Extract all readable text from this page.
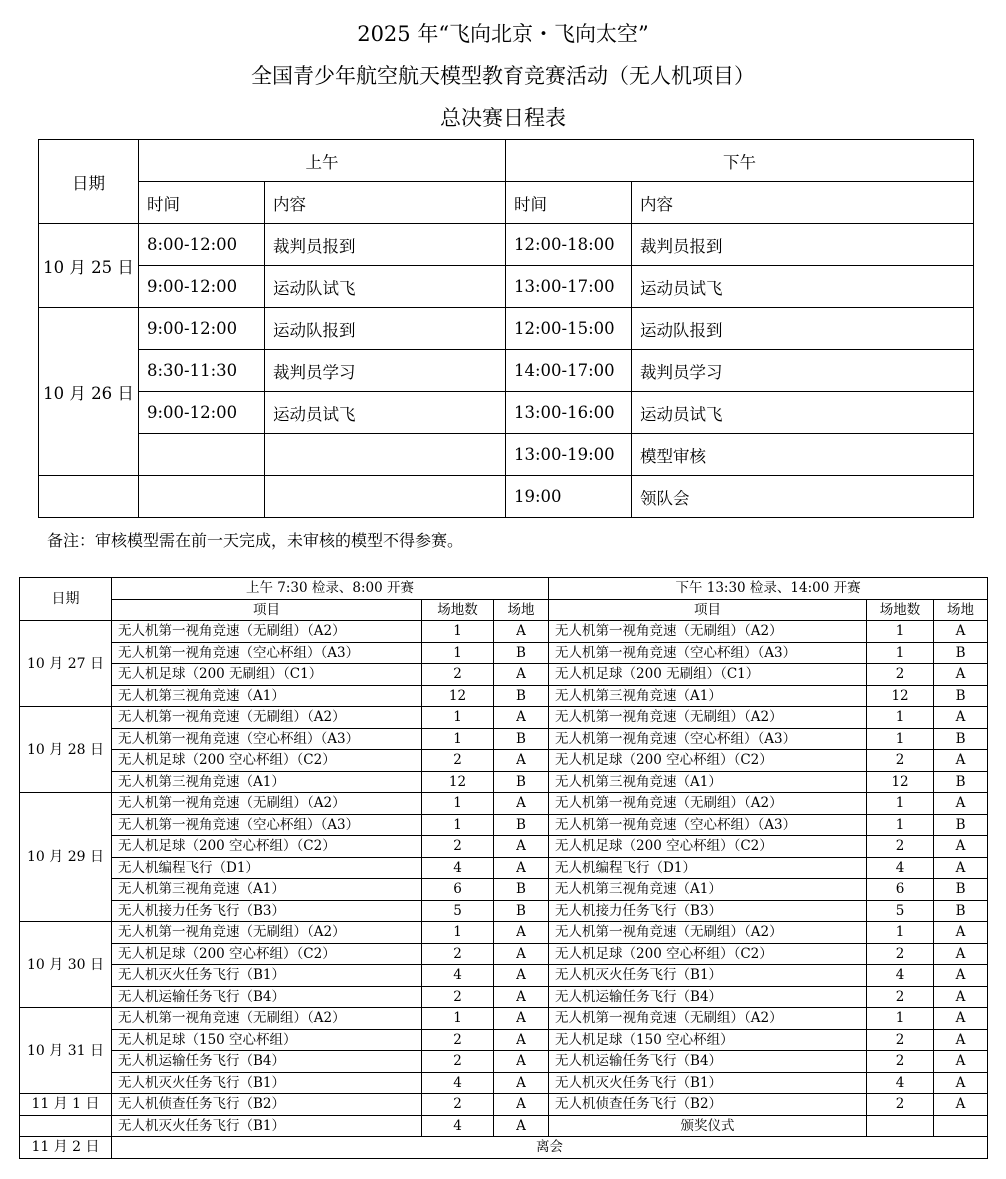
2025 年“飞向北京・飞向太空”
全国青少年航空航天模型教育竞赛活动（无人机项目）
总决赛日程表
日期	上午		下午	
	时间	内容	时间	内容
10 月 25 日	8:00-12:00	裁判员报到	12:00-18:00	裁判员报到
	9:00-12:00	运动队试飞	13:00-17:00	运动员试飞
10 月 26 日	9:00-12:00	运动队报到	12:00-15:00	运动队报到
	8:30-11:30	裁判员学习	14:00-17:00	裁判员学习
	9:00-12:00	运动员试飞	13:00-16:00	运动员试飞
			13:00-19:00	模型审核
			19:00	领队会
备注：审核模型需在前一天完成，未审核的模型不得参赛。
日期	上午 7:30 检录、8:00 开赛			下午 13:30 检录、14:00 开赛		
	项目	场地数	场地	项目	场地数	场地
10 月 27 日	无人机第一视角竞速（无刷组）（A2）	1	A	无人机第一视角竞速（无刷组）（A2）	1	A
	无人机第一视角竞速（空心杯组）（A3）	1	B	无人机第一视角竞速（空心杯组）（A3）	1	B
	无人机足球（200 无刷组）（C1）	2	A	无人机足球（200 无刷组）（C1）	2	A
	无人机第三视角竞速（A1）	12	B	无人机第三视角竞速（A1）	12	B
10 月 28 日	无人机第一视角竞速（无刷组）（A2）	1	A	无人机第一视角竞速（无刷组）（A2）	1	A
	无人机第一视角竞速（空心杯组）（A3）	1	B	无人机第一视角竞速（空心杯组）（A3）	1	B
	无人机足球（200 空心杯组）（C2）	2	A	无人机足球（200 空心杯组）（C2）	2	A
	无人机第三视角竞速（A1）	12	B	无人机第三视角竞速（A1）	12	B
10 月 29 日	无人机第一视角竞速（无刷组）（A2）	1	A	无人机第一视角竞速（无刷组）（A2）	1	A
	无人机第一视角竞速（空心杯组）（A3）	1	B	无人机第一视角竞速（空心杯组）（A3）	1	B
	无人机足球（200 空心杯组）（C2）	2	A	无人机足球（200 空心杯组）（C2）	2	A
	无人机编程飞行（D1）	4	A	无人机编程飞行（D1）	4	A
	无人机第三视角竞速（A1）	6	B	无人机第三视角竞速（A1）	6	B
	无人机接力任务飞行（B3）	5	B	无人机接力任务飞行（B3）	5	B
10 月 30 日	无人机第一视角竞速（无刷组）（A2）	1	A	无人机第一视角竞速（无刷组）（A2）	1	A
	无人机足球（200 空心杯组）（C2）	2	A	无人机足球（200 空心杯组）（C2）	2	A
	无人机灭火任务飞行（B1）	4	A	无人机灭火任务飞行（B1）	4	A
	无人机运输任务飞行（B4）	2	A	无人机运输任务飞行（B4）	2	A
10 月 31 日	无人机第一视角竞速（无刷组）（A2）	1	A	无人机第一视角竞速（无刷组）（A2）	1	A
	无人机足球（150 空心杯组）	2	A	无人机足球（150 空心杯组）	2	A
	无人机运输任务飞行（B4）	2	A	无人机运输任务飞行（B4）	2	A
	无人机灭火任务飞行（B1）	4	A	无人机灭火任务飞行（B1）	4	A
11 月 1 日	无人机侦查任务飞行（B2）	2	A	无人机侦查任务飞行（B2）	2	A
	无人机灭火任务飞行（B1）	4	A	颁奖仪式		
11 月 2 日	离会					
